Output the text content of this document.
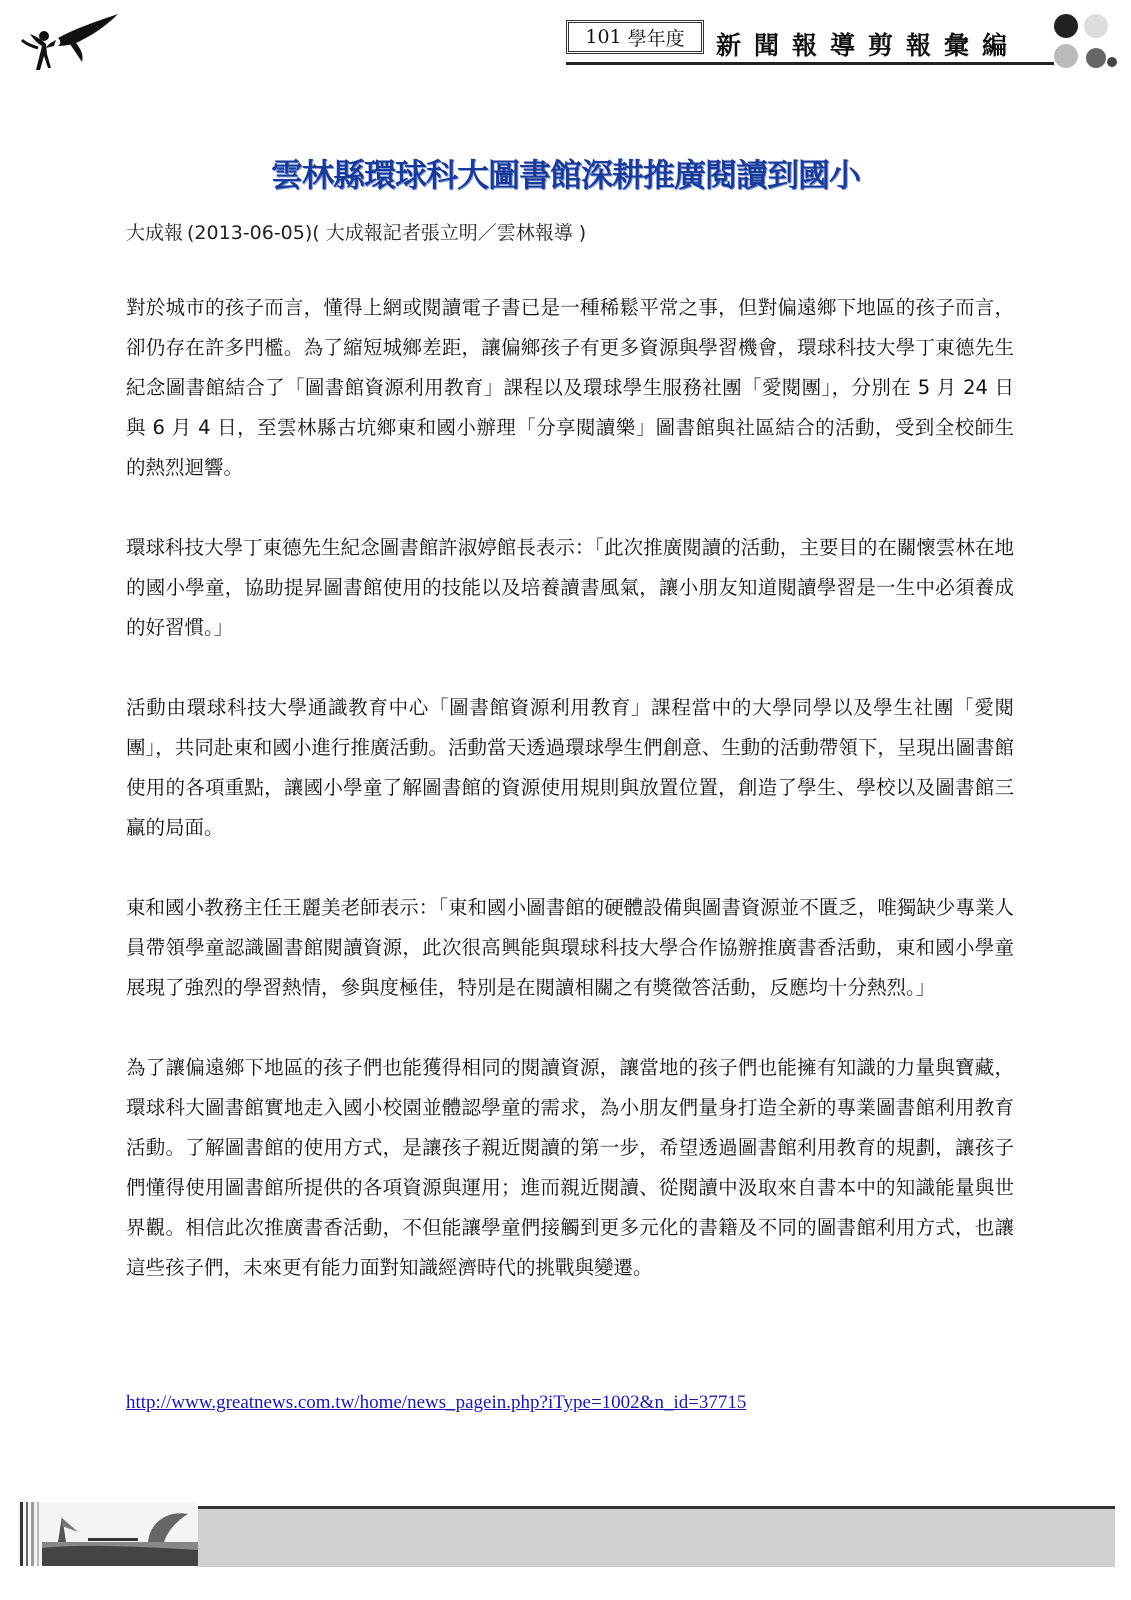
101 學年度 新聞報導剪報彙編
雲林縣環球科大圖書館深耕推廣閱讀到國小
大成報 (2013-06-05)( 大成報記者張立明／雲林報導 )

對於城市的孩子而言，懂得上網或閱讀電子書已是一種稀鬆平常之事，但對偏遠鄉下地區的孩子而言，卻仍存在許多門檻。為了縮短城鄉差距，讓偏鄉孩子有更多資源與學習機會，環球科技大學丁東德先生紀念圖書館結合了「圖書館資源利用教育」課程以及環球學生服務社團「愛閱團」，分別在 5 月 24 日與 6 月 4 日，至雲林縣古坑鄉東和國小辦理「分享閱讀樂」圖書館與社區結合的活動，受到全校師生的熱烈迴響。

環球科技大學丁東德先生紀念圖書館許淑婷館長表示：「此次推廣閱讀的活動，主要目的在關懷雲林在地的國小學童，協助提昇圖書館使用的技能以及培養讀書風氣，讓小朋友知道閱讀學習是一生中必須養成的好習慣。」

活動由環球科技大學通識教育中心「圖書館資源利用教育」課程當中的大學同學以及學生社團「愛閱團」，共同赴東和國小進行推廣活動。活動當天透過環球學生們創意、生動的活動帶領下，呈現出圖書館使用的各項重點，讓國小學童了解圖書館的資源使用規則與放置位置，創造了學生、學校以及圖書館三贏的局面。

東和國小教務主任王麗美老師表示：「東和國小圖書館的硬體設備與圖書資源並不匱乏，唯獨缺少專業人員帶領學童認識圖書館閱讀資源，此次很高興能與環球科技大學合作協辦推廣書香活動，東和國小學童展現了強烈的學習熱情，參與度極佳，特別是在閱讀相關之有獎徵答活動，反應均十分熱烈。」

為了讓偏遠鄉下地區的孩子們也能獲得相同的閱讀資源，讓當地的孩子們也能擁有知識的力量與寶藏，環球科大圖書館實地走入國小校園並體認學童的需求，為小朋友們量身打造全新的專業圖書館利用教育活動。了解圖書館的使用方式，是讓孩子親近閱讀的第一步，希望透過圖書館利用教育的規劃，讓孩子們懂得使用圖書館所提供的各項資源與運用；進而親近閱讀、從閱讀中汲取來自書本中的知識能量與世界觀。相信此次推廣書香活動，不但能讓學童們接觸到更多元化的書籍及不同的圖書館利用方式，也讓這些孩子們，未來更有能力面對知識經濟時代的挑戰與變遷。

http://www.greatnews.com.tw/home/news_pagein.php?iType=1002&n_id=37715
